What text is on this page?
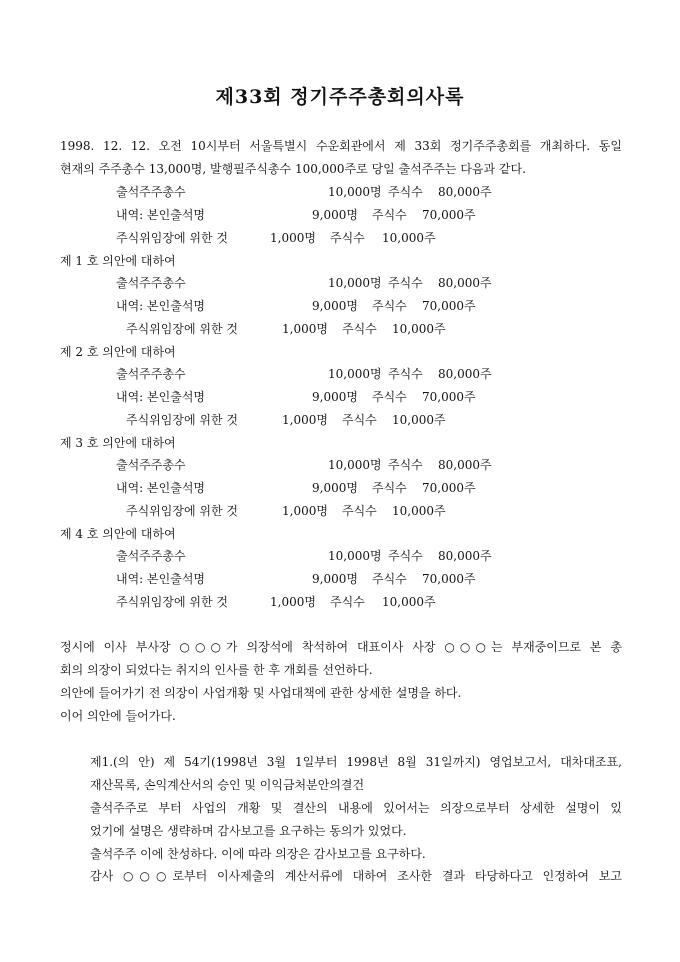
제33회 정기주주총회의사록
1998. 12. 12. 오전 10시부터 서울특별시 수운회관에서 제 33회 정기주주총회를 개최하다. 동일
현재의 주주총수 13,000명, 발행필주식총수 100,000주로 당일 출석주주는 다음과 같다.
출석주주총수	10,000명 주식수 80,000주
내역: 본인출석명	9,000명 주식수 70,000주
주식위임장에 위한 것	1,000명 주식수 10,000주
제 1 호 의안에 대하여
출석주주총수	10,000명 주식수 80,000주
내역: 본인출석명	9,000명 주식수 70,000주
주식위임장에 위한 것	1,000명 주식수 10,000주
제 2 호 의안에 대하여
출석주주총수	10,000명 주식수 80,000주
내역: 본인출석명	9,000명 주식수 70,000주
주식위임장에 위한 것	1,000명 주식수 10,000주
제 3 호 의안에 대하여
출석주주총수	10,000명 주식수 80,000주
내역: 본인출석명	9,000명 주식수 70,000주
주식위임장에 위한 것	1,000명 주식수 10,000주
제 4 호 의안에 대하여
출석주주총수	10,000명 주식수 80,000주
내역: 본인출석명	9,000명 주식수 70,000주
주식위임장에 위한 것	1,000명 주식수 10,000주
정시에 이사 부사장 ○○○가 의장석에 착석하여 대표이사 사장 ○○○는 부재중이므로 본 총
회의 의장이 되었다는 취지의 인사를 한 후 개회를 선언하다.
의안에 들어가기 전 의장이 사업개황 및 사업대책에 관한 상세한 설명을 하다.
이어 의안에 들어가다.
제1.(의 안) 제 54기(1998년 3월 1일부터 1998년 8월 31일까지) 영업보고서, 대차대조표,
재산목록, 손익계산서의 승인 및 이익금처분안의결건
출석주주로 부터 사업의 개황 및 결산의 내용에 있어서는 의장으로부터 상세한 설명이 있
었기에 설명은 생략하며 감사보고를 요구하는 동의가 있었다.
출석주주 이에 찬성하다. 이에 따라 의장은 감사보고를 요구하다.
감사 ○○○로부터 이사제출의 계산서류에 대하여 조사한 결과 타당하다고 인정하여 보고
